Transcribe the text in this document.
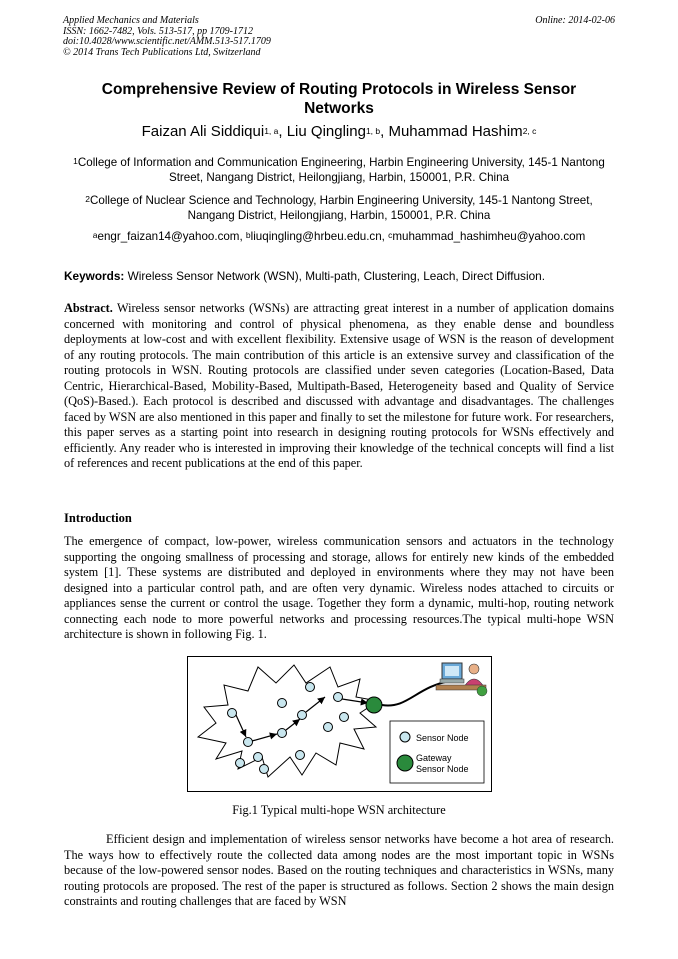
Applied Mechanics and Materials
ISSN: 1662-7482, Vols. 513-517, pp 1709-1712
doi:10.4028/www.scientific.net/AMM.513-517.1709
© 2014 Trans Tech Publications Ltd, Switzerland
Online: 2014-02-06
Comprehensive Review of Routing Protocols in Wireless Sensor
Networks
Faizan Ali Siddiqui$^{1, a}$, Liu Qingling$^{1, b}$, Muhammad Hashim$^{2, c}$
$^1$College of Information and Communication Engineering, Harbin Engineering University, 145-1 Nantong Street, Nangang District, Heilongjiang, Harbin, 150001, P.R. China
$^2$College of Nuclear Science and Technology, Harbin Engineering University, 145-1 Nantong Street, Nangang District, Heilongjiang, Harbin, 150001, P.R. China
$^a$engr_faizan14@yahoo.com, $^b$liuqingling@hrbeu.edu.cn, $^c$muhammad_hashimheu@yahoo.com
Keywords: Wireless Sensor Network (WSN), Multi-path, Clustering, Leach, Direct Diffusion.
Abstract. Wireless sensor networks (WSNs) are attracting great interest in a number of application domains concerned with monitoring and control of physical phenomena, as they enable dense and boundless deployments at low-cost and with excellent flexibility. Extensive usage of WSN is the reason of development of any routing protocols. The main contribution of this article is an extensive survey and classification of the routing protocols in WSN. Routing protocols are classified under seven categories (Location-Based, Data Centric, Hierarchical-Based, Mobility-Based, Multipath-Based, Heterogeneity based and Quality of Service (QoS)-Based.). Each protocol is described and discussed with advantage and disadvantages. The challenges faced by WSN are also mentioned in this paper and finally to set the milestone for future work. For researchers, this paper serves as a starting point into research in designing routing protocols for WSNs effectively and efficiently. Any reader who is interested in improving their knowledge of the technical concepts will find a list of references and recent publications at the end of this paper.
Introduction
The emergence of compact, low-power, wireless communication sensors and actuators in the technology supporting the ongoing smallness of processing and storage, allows for entirely new kinds of the embedded system [1]. These systems are distributed and deployed in environments where they may not have been designed into a particular control path, and are often very dynamic. Wireless nodes attached to circuits or appliances sense the current or control the usage. Together they form a dynamic, multi-hop, routing network connecting each node to more powerful networks and processing resources.The typical multi-hope WSN architecture is shown in following Fig. 1.
Sensor Node
Gateway
Sensor Node
Fig.1 Typical multi-hope WSN architecture
Efficient design and implementation of wireless sensor networks have become a hot area of research. The ways how to effectively route the collected data among nodes are the most important topic in WSNs because of the low-powered sensor nodes. Based on the routing techniques and characteristics in WSNs, many routing protocols are proposed. The rest of the paper is structured as follows. Section 2 shows the main design constraints and routing challenges that are faced by WSN
